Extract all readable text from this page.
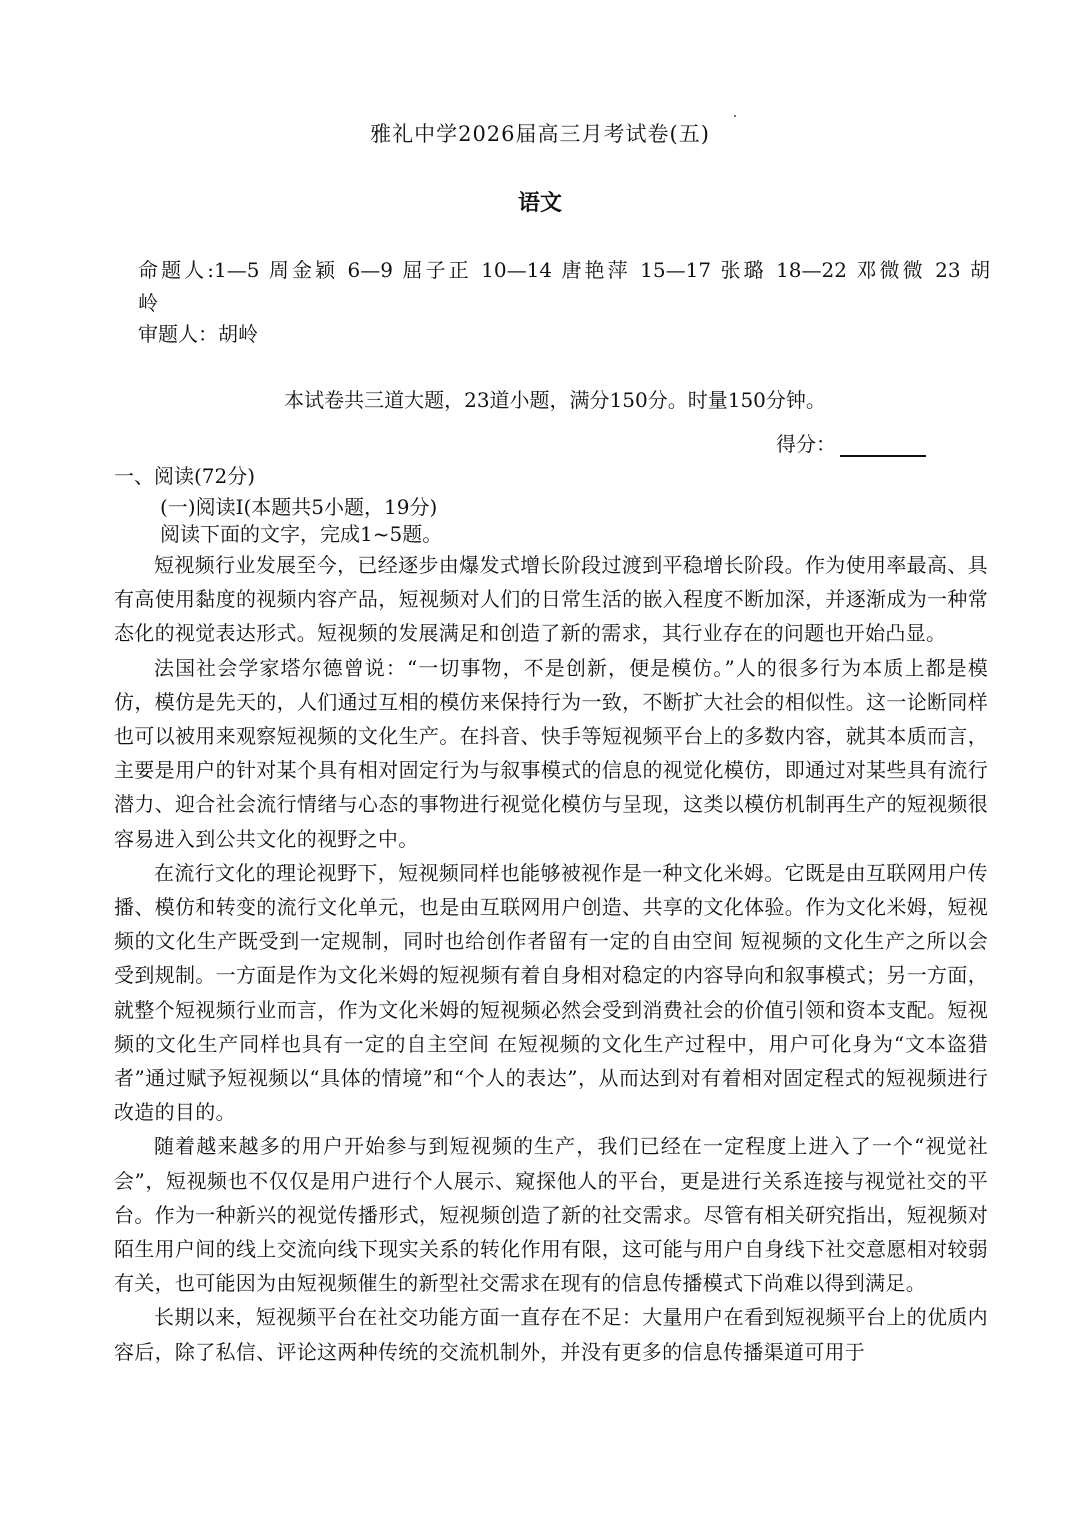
雅礼中学2026届高三月考试卷(五)
语文
命题人:1—5 周金颖 6—9 屈子正 10—14 唐艳萍 15—17 张璐 18—22 邓微微 23 胡
岭
审题人：胡岭
本试卷共三道大题，23道小题，满分150分。时量150分钟。
得分：
一、阅读(72分)
(一)阅读Ⅰ(本题共5小题，19分)
阅读下面的文字，完成1~5题。

短视频行业发展至今，已经逐步由爆发式增长阶段过渡到平稳增长阶段。作为使用率最高、具有高使用黏度的视频内容产品，短视频对人们的日常生活的嵌入程度不断加深，并逐渐成为一种常态化的视觉表达形式。短视频的发展满足和创造了新的需求，其行业存在的问题也开始凸显。

法国社会学家塔尔德曾说：“一切事物，不是创新，便是模仿。”人的很多行为本质上都是模仿，模仿是先天的，人们通过互相的模仿来保持行为一致，不断扩大社会的相似性。这一论断同样也可以被用来观察短视频的文化生产。在抖音、快手等短视频平台上的多数内容，就其本质而言，主要是用户的针对某个具有相对固定行为与叙事模式的信息的视觉化模仿，即通过对某些具有流行潜力、迎合社会流行情绪与心态的事物进行视觉化模仿与呈现，这类以模仿机制再生产的短视频很容易进入到公共文化的视野之中。

在流行文化的理论视野下，短视频同样也能够被视作是一种文化米姆。它既是由互联网用户传播、模仿和转变的流行文化单元，也是由互联网用户创造、共享的文化体验。作为文化米姆，短视频的文化生产既受到一定规制，同时也给创作者留有一定的自由空间 短视频的文化生产之所以会受到规制。一方面是作为文化米姆的短视频有着自身相对稳定的内容导向和叙事模式；另一方面，就整个短视频行业而言，作为文化米姆的短视频必然会受到消费社会的价值引领和资本支配。短视频的文化生产同样也具有一定的自主空间 在短视频的文化生产过程中，用户可化身为“文本盗猎者”通过赋予短视频以“具体的情境”和“个人的表达”，从而达到对有着相对固定程式的短视频进行改造的目的。

随着越来越多的用户开始参与到短视频的生产，我们已经在一定程度上进入了一个“视觉社会”，短视频也不仅仅是用户进行个人展示、窥探他人的平台，更是进行关系连接与视觉社交的平台。作为一种新兴的视觉传播形式，短视频创造了新的社交需求。尽管有相关研究指出，短视频对陌生用户间的线上交流向线下现实关系的转化作用有限，这可能与用户自身线下社交意愿相对较弱有关，也可能因为由短视频催生的新型社交需求在现有的信息传播模式下尚难以得到满足。

长期以来，短视频平台在社交功能方面一直存在不足：大量用户在看到短视频平台上的优质内容后，除了私信、评论这两种传统的交流机制外，并没有更多的信息传播渠道可用于
